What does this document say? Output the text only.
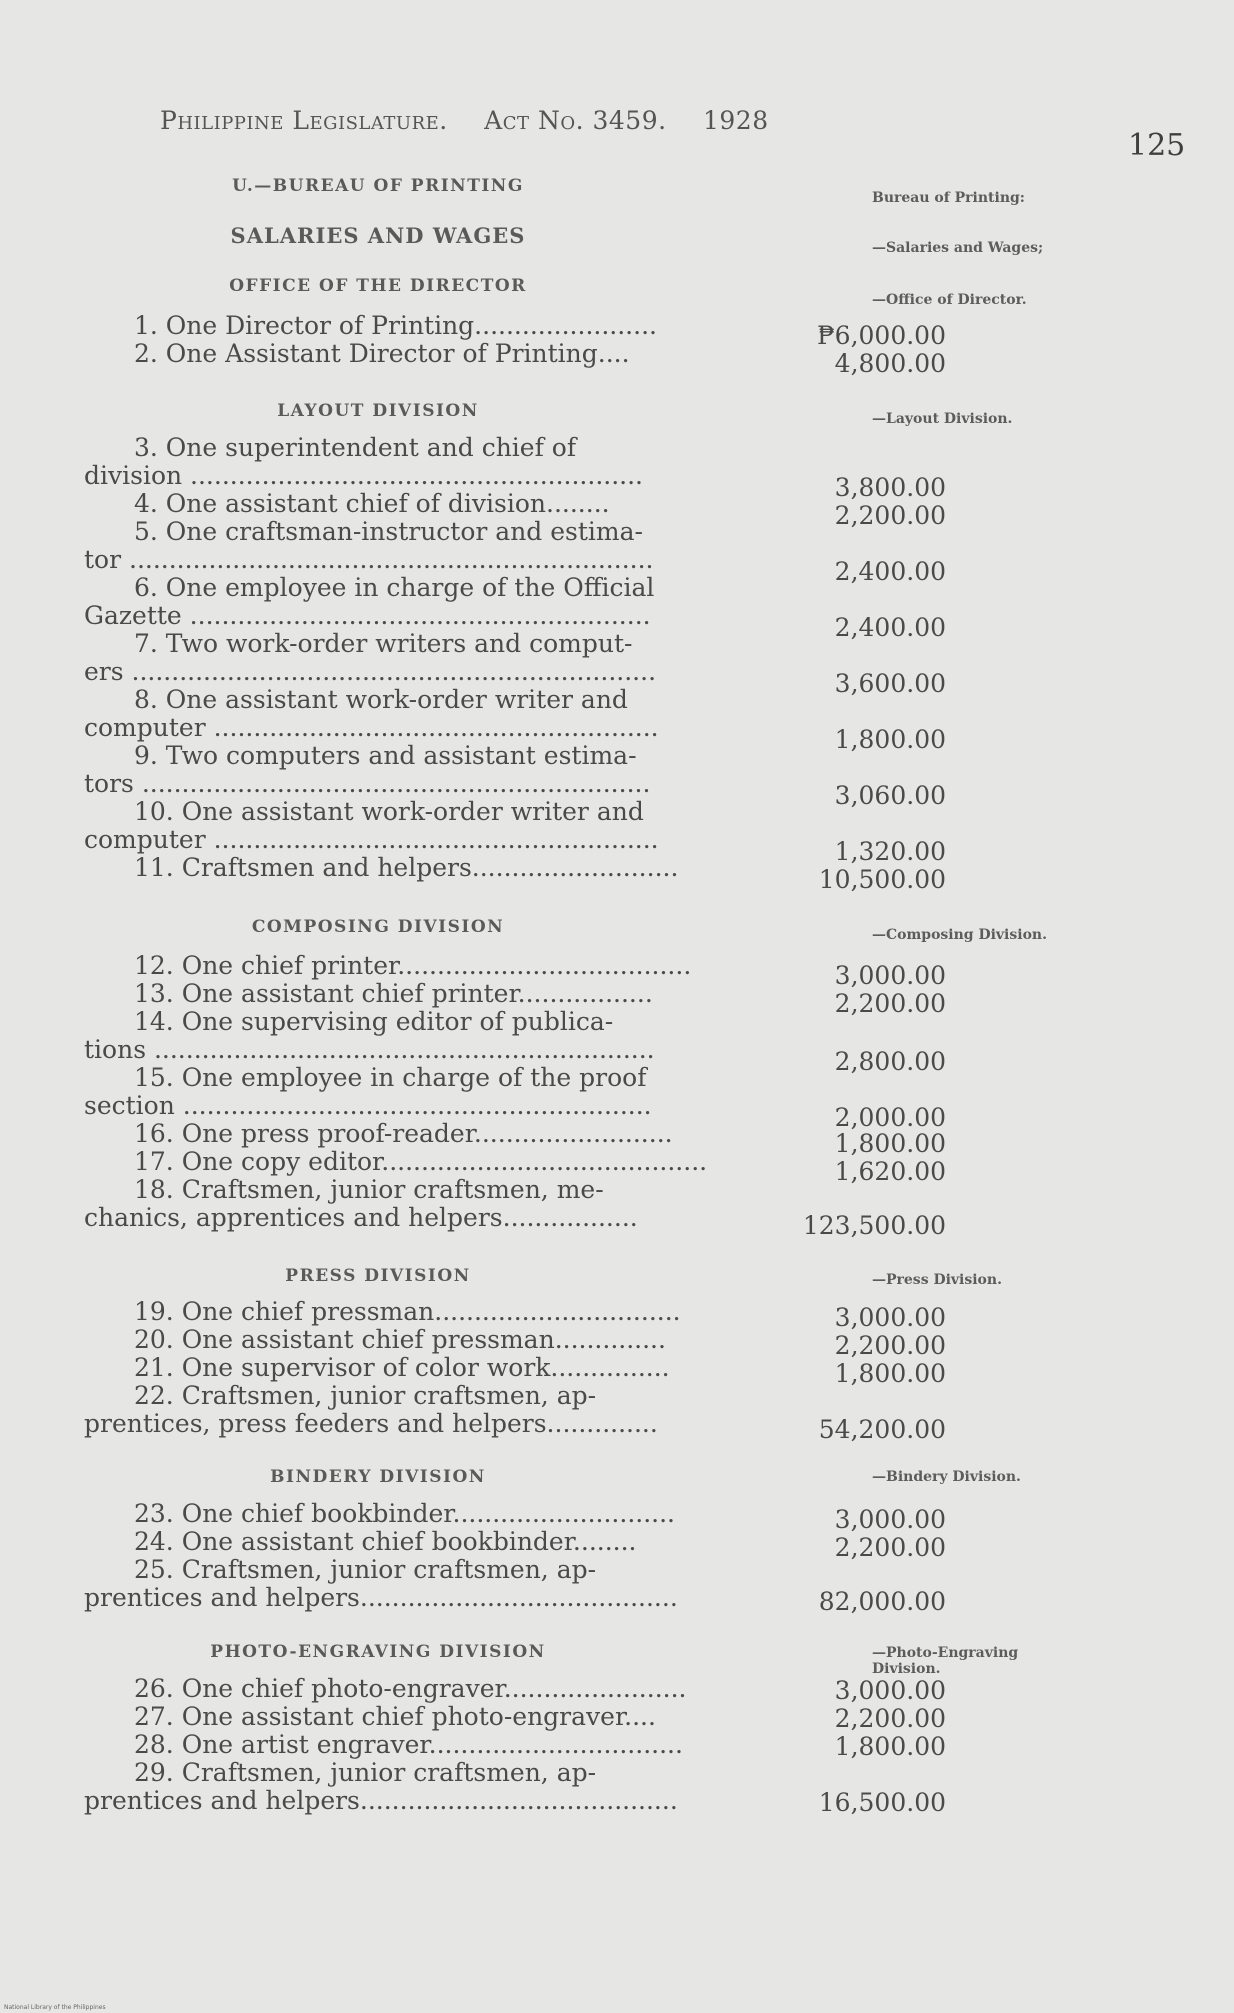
Philippine Legislature. Act No. 3459. 1928
125
U.—BUREAU OF PRINTING
SALARIES AND WAGES
OFFICE OF THE DIRECTOR
LAYOUT DIVISION
COMPOSING DIVISION
PRESS DIVISION
BINDERY DIVISION
PHOTO-ENGRAVING DIVISION
Bureau of Printing:
—Salaries and Wages;
—Office of Director.
—Layout Division.
—Composing Division.
—Press Division.
—Bindery Division.
—Photo-Engraving Division.
1. One Director of Printing.......................	₱6,000.00
2. One Assistant Director of Printing....	4,800.00
3. One superintendent and chief of
division .........................................................	3,800.00
4. One assistant chief of division........	2,200.00
5. One craftsman-instructor and estima-
tor ..................................................................	2,400.00
6. One employee in charge of the Official
Gazette ..........................................................	2,400.00
7. Two work-order writers and comput-
ers ..................................................................	3,600.00
8. One assistant work-order writer and
computer ........................................................	1,800.00
9. Two computers and assistant estima-
tors ................................................................	3,060.00
10. One assistant work-order writer and
computer ........................................................	1,320.00
11. Craftsmen and helpers..........................	10,500.00
12. One chief printer.....................................	3,000.00
13. One assistant chief printer.................	2,200.00
14. One supervising editor of publica-
tions ...............................................................	2,800.00
15. One employee in charge of the proof
section ...........................................................	2,000.00
16. One press proof-reader.........................	1,800.00
17. One copy editor.........................................	1,620.00
18. Craftsmen, junior craftsmen, me-
chanics, apprentices and helpers.................	123,500.00
19. One chief pressman...............................	3,000.00
20. One assistant chief pressman..............	2,200.00
21. One supervisor of color work...............	1,800.00
22. Craftsmen, junior craftsmen, ap-
prentices, press feeders and helpers..............	54,200.00
23. One chief bookbinder............................	3,000.00
24. One assistant chief bookbinder........	2,200.00
25. Craftsmen, junior craftsmen, ap-
prentices and helpers........................................	82,000.00
26. One chief photo-engraver.......................	3,000.00
27. One assistant chief photo-engraver....	2,200.00
28. One artist engraver................................	1,800.00
29. Craftsmen, junior craftsmen, ap-
prentices and helpers........................................	16,500.00
National Library of the Philippines
